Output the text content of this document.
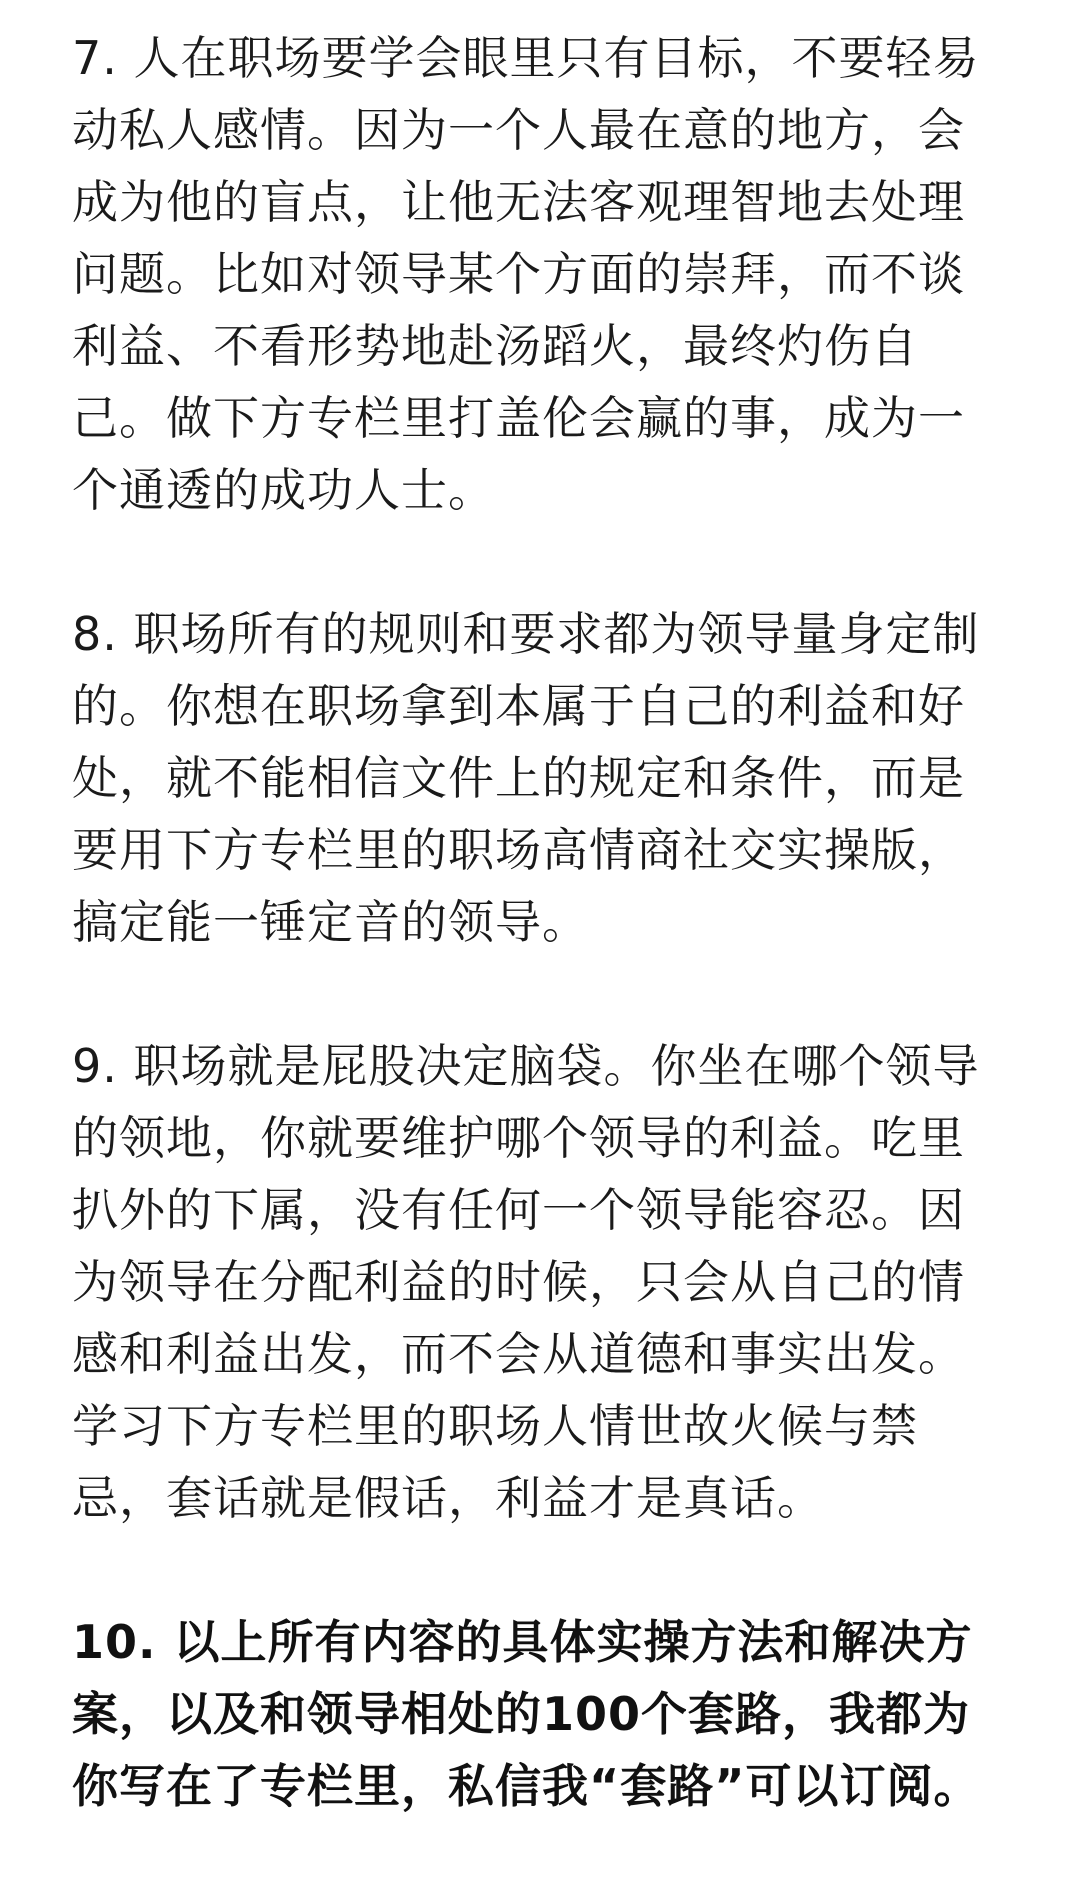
7. 人在职场要学会眼里只有目标，不要轻易
动私人感情。因为一个人最在意的地方，会
成为他的盲点，让他无法客观理智地去处理
问题。比如对领导某个方面的崇拜，而不谈
利益、不看形势地赴汤蹈火，最终灼伤自
己。做下方专栏里打盖伦会赢的事，成为一
个通透的成功人士。

8. 职场所有的规则和要求都为领导量身定制
的。你想在职场拿到本属于自己的利益和好
处，就不能相信文件上的规定和条件，而是
要用下方专栏里的职场高情商社交实操版，
搞定能一锤定音的领导。

9. 职场就是屁股决定脑袋。你坐在哪个领导
的领地，你就要维护哪个领导的利益。吃里
扒外的下属，没有任何一个领导能容忍。因
为领导在分配利益的时候，只会从自己的情
感和利益出发，而不会从道德和事实出发。
学习下方专栏里的职场人情世故火候与禁
忌，套话就是假话，利益才是真话。

10. 以上所有内容的具体实操方法和解决方
案，以及和领导相处的100个套路，我都为
你写在了专栏里，私信我“套路”可以订阅。
